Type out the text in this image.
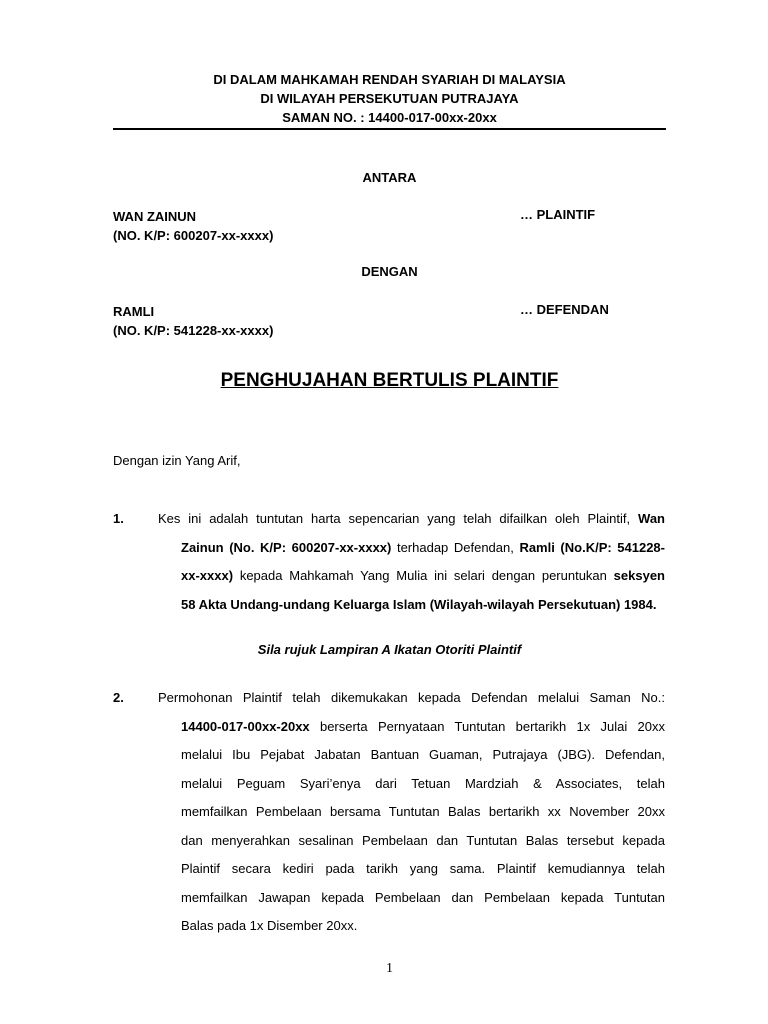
DI DALAM MAHKAMAH RENDAH SYARIAH DI MALAYSIA
DI WILAYAH PERSEKUTUAN PUTRAJAYA
SAMAN NO. : 14400-017-00xx-20xx
ANTARA
WAN ZAINUN
(NO. K/P: 600207-xx-xxxx)
… PLAINTIF
DENGAN
RAMLI
(NO. K/P: 541228-xx-xxxx)
… DEFENDAN
PENGHUJAHAN BERTULIS PLAINTIF
Dengan izin Yang Arif,
1.	Kes ini adalah tuntutan harta sepencarian yang telah difailkan oleh Plaintif, Wan
Zainun (No. K/P: 600207-xx-xxxx) terhadap Defendan, Ramli (No.K/P: 541228-
xx-xxxx) kepada Mahkamah Yang Mulia ini selari dengan peruntukan seksyen
58 Akta Undang-undang Keluarga Islam (Wilayah-wilayah Persekutuan) 1984.
Sila rujuk Lampiran A Ikatan Otoriti Plaintif
2.	Permohonan Plaintif telah dikemukakan kepada Defendan melalui Saman No.:
14400-017-00xx-20xx berserta Pernyataan Tuntutan bertarikh 1x Julai 20xx
melalui Ibu Pejabat Jabatan Bantuan Guaman, Putrajaya (JBG). Defendan,
melalui Peguam Syari’enya dari Tetuan Mardziah & Associates, telah
memfailkan Pembelaan bersama Tuntutan Balas bertarikh xx November 20xx
dan menyerahkan sesalinan Pembelaan dan Tuntutan Balas tersebut kepada
Plaintif secara kediri pada tarikh yang sama. Plaintif kemudiannya telah
memfailkan Jawapan kepada Pembelaan dan Pembelaan kepada Tuntutan
Balas pada 1x Disember 20xx.
1
